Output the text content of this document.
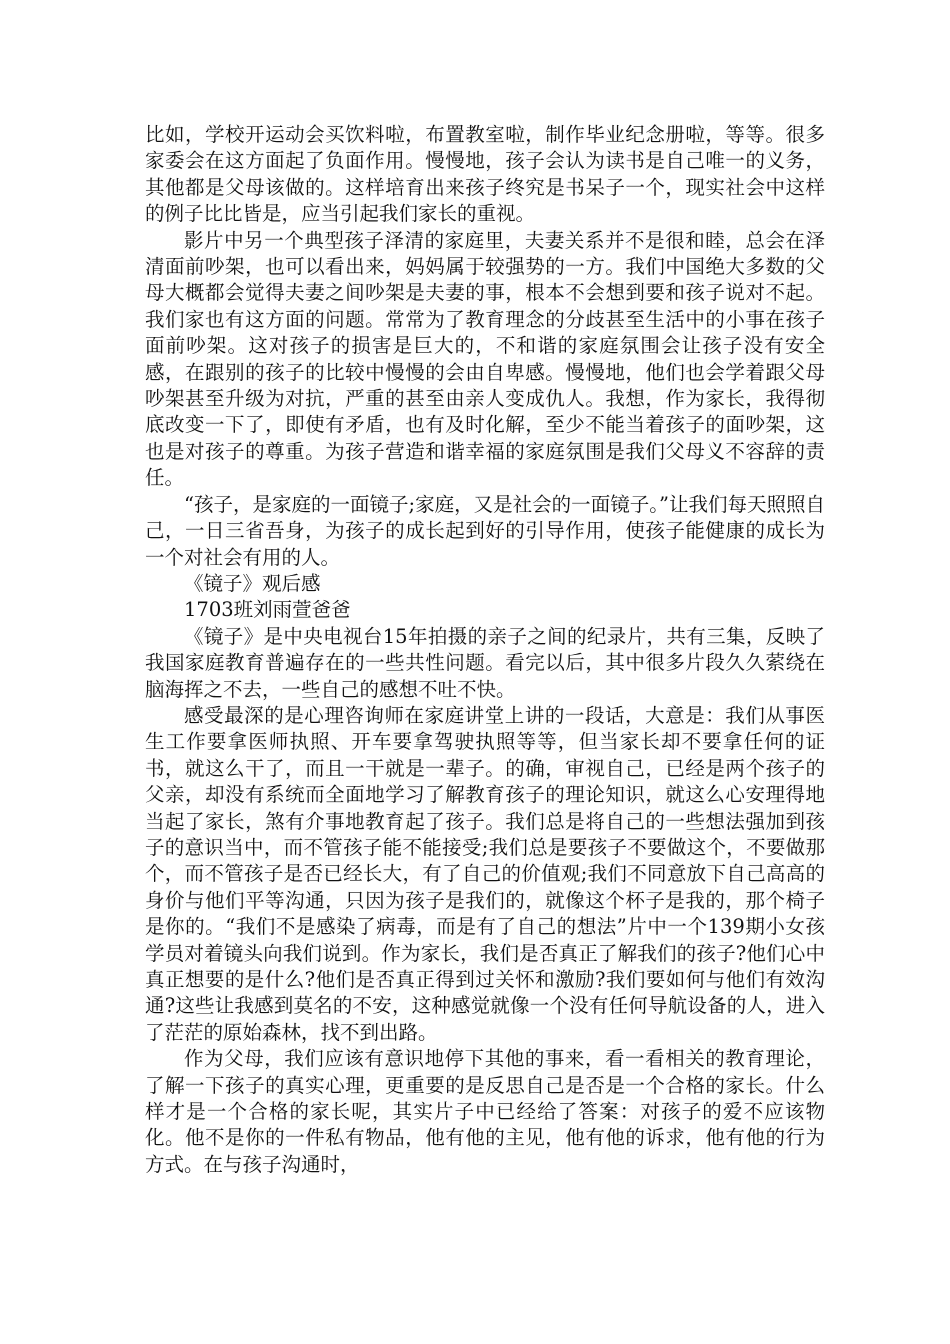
比如，学校开运动会买饮料啦，布置教室啦，制作毕业纪念册啦，等等。很多家委会在这方面起了负面作用。慢慢地，孩子会认为读书是自己唯一的义务，其他都是父母该做的。这样培育出来孩子终究是书呆子一个，现实社会中这样的例子比比皆是，应当引起我们家长的重视。

影片中另一个典型孩子泽清的家庭里，夫妻关系并不是很和睦，总会在泽清面前吵架，也可以看出来，妈妈属于较强势的一方。我们中国绝大多数的父母大概都会觉得夫妻之间吵架是夫妻的事，根本不会想到要和孩子说对不起。我们家也有这方面的问题。常常为了教育理念的分歧甚至生活中的小事在孩子面前吵架。这对孩子的损害是巨大的，不和谐的家庭氛围会让孩子没有安全感，在跟别的孩子的比较中慢慢的会由自卑感。慢慢地，他们也会学着跟父母吵架甚至升级为对抗，严重的甚至由亲人变成仇人。我想，作为家长，我得彻底改变一下了，即使有矛盾，也有及时化解，至少不能当着孩子的面吵架，这也是对孩子的尊重。为孩子营造和谐幸福的家庭氛围是我们父母义不容辞的责任。

“孩子，是家庭的一面镜子;家庭，又是社会的一面镜子。”让我们每天照照自己，一日三省吾身，为孩子的成长起到好的引导作用，使孩子能健康的成长为一个对社会有用的人。

《镜子》观后感

1703班刘雨萱爸爸

《镜子》是中央电视台15年拍摄的亲子之间的纪录片，共有三集，反映了我国家庭教育普遍存在的一些共性问题。看完以后，其中很多片段久久萦绕在脑海挥之不去，一些自己的感想不吐不快。

感受最深的是心理咨询师在家庭讲堂上讲的一段话，大意是：我们从事医生工作要拿医师执照、开车要拿驾驶执照等等，但当家长却不要拿任何的证书，就这么干了，而且一干就是一辈子。的确，审视自己，已经是两个孩子的父亲，却没有系统而全面地学习了解教育孩子的理论知识，就这么心安理得地当起了家长，煞有介事地教育起了孩子。我们总是将自己的一些想法强加到孩子的意识当中，而不管孩子能不能接受;我们总是要孩子不要做这个，不要做那个，而不管孩子是否已经长大，有了自己的价值观;我们不同意放下自己高高的身价与他们平等沟通，只因为孩子是我们的，就像这个杯子是我的，那个椅子是你的。“我们不是感染了病毒，而是有了自己的想法”片中一个139期小女孩学员对着镜头向我们说到。作为家长，我们是否真正了解我们的孩子?他们心中真正想要的是什么?他们是否真正得到过关怀和激励?我们要如何与他们有效沟通?这些让我感到莫名的不安，这种感觉就像一个没有任何导航设备的人，进入了茫茫的原始森林，找不到出路。

作为父母，我们应该有意识地停下其他的事来，看一看相关的教育理论，了解一下孩子的真实心理，更重要的是反思自己是否是一个合格的家长。什么样才是一个合格的家长呢，其实片子中已经给了答案：对孩子的爱不应该物化。他不是你的一件私有物品，他有他的主见，他有他的诉求，他有他的行为方式。在与孩子沟通时，
